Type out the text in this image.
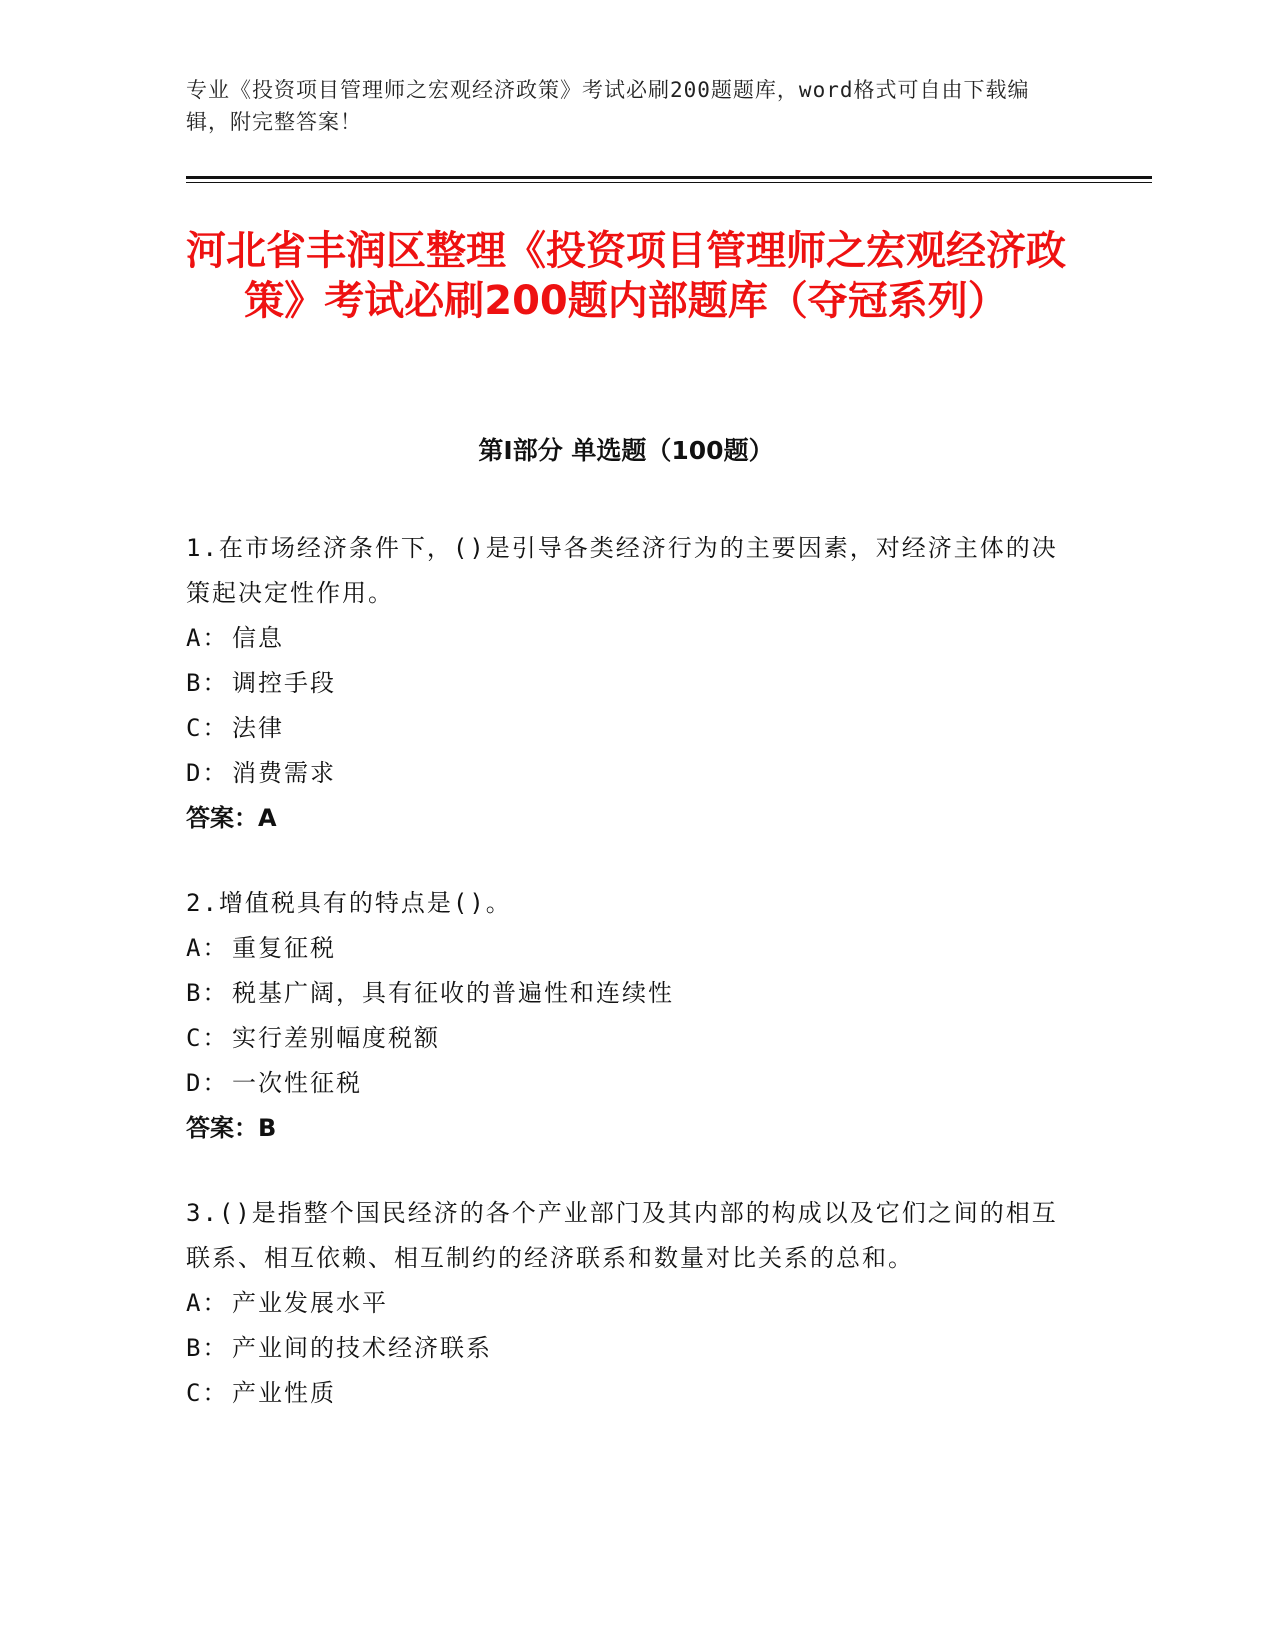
专业《投资项目管理师之宏观经济政策》考试必刷200题题库，word格式可自由下载编辑，附完整答案！
河北省丰润区整理《投资项目管理师之宏观经济政策》考试必刷200题内部题库（夺冠系列）
第Ⅰ部分 单选题（100题）

1.在市场经济条件下，()是引导各类经济行为的主要因素，对经济主体的决策起决定性作用。

A： 信息

B： 调控手段

C： 法律

D： 消费需求

答案：A

2.增值税具有的特点是()。

A： 重复征税

B： 税基广阔，具有征收的普遍性和连续性

C： 实行差别幅度税额

D： 一次性征税

答案：B

3.()是指整个国民经济的各个产业部门及其内部的构成以及它们之间的相互联系、相互依赖、相互制约的经济联系和数量对比关系的总和。

A： 产业发展水平

B： 产业间的技术经济联系

C： 产业性质
